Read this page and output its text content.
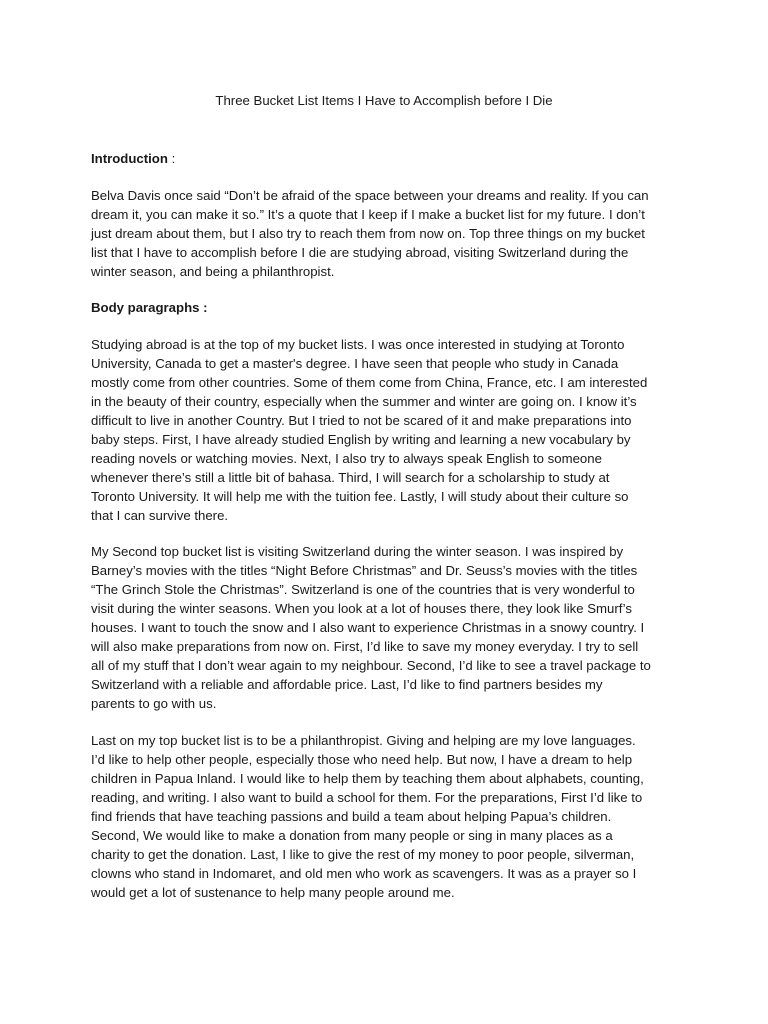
Three Bucket List Items I Have to Accomplish before I Die
Introduction :
Belva Davis once said “Don’t be afraid of the space between your dreams and reality. If you can
dream it, you can make it so.” It’s a quote that I keep if I make a bucket list for my future. I don’t
just dream about them, but I also try to reach them from now on. Top three things on my bucket
list that I have to accomplish before I die are studying abroad, visiting Switzerland during the
winter season, and being a philanthropist.
Body paragraphs :
Studying abroad is at the top of my bucket lists. I was once interested in studying at Toronto
University, Canada to get a master's degree. I have seen that people who study in Canada
mostly come from other countries. Some of them come from China, France, etc. I am interested
in the beauty of their country, especially when the summer and winter are going on. I know it’s
difficult to live in another Country. But I tried to not be scared of it and make preparations into
baby steps. First, I have already studied English by writing and learning a new vocabulary by
reading novels or watching movies. Next, I also try to always speak English to someone
whenever there’s still a little bit of bahasa. Third, I will search for a scholarship to study at
Toronto University. It will help me with the tuition fee. Lastly, I will study about their culture so
that I can survive there.
My Second top bucket list is visiting Switzerland during the winter season. I was inspired by
Barney’s movies with the titles “Night Before Christmas” and Dr. Seuss’s movies with the titles
“The Grinch Stole the Christmas”. Switzerland is one of the countries that is very wonderful to
visit during the winter seasons. When you look at a lot of houses there, they look like Smurf’s
houses. I want to touch the snow and I also want to experience Christmas in a snowy country. I
will also make preparations from now on. First, I’d like to save my money everyday. I try to sell
all of my stuff that I don’t wear again to my neighbour. Second, I’d like to see a travel package to
Switzerland with a reliable and affordable price. Last, I’d like to find partners besides my
parents to go with us.
Last on my top bucket list is to be a philanthropist. Giving and helping are my love languages.
I’d like to help other people, especially those who need help. But now, I have a dream to help
children in Papua Inland. I would like to help them by teaching them about alphabets, counting,
reading, and writing. I also want to build a school for them. For the preparations, First I’d like to
find friends that have teaching passions and build a team about helping Papua’s children.
Second, We would like to make a donation from many people or sing in many places as a
charity to get the donation. Last, I like to give the rest of my money to poor people, silverman,
clowns who stand in Indomaret, and old men who work as scavengers. It was as a prayer so I
would get a lot of sustenance to help many people around me.
